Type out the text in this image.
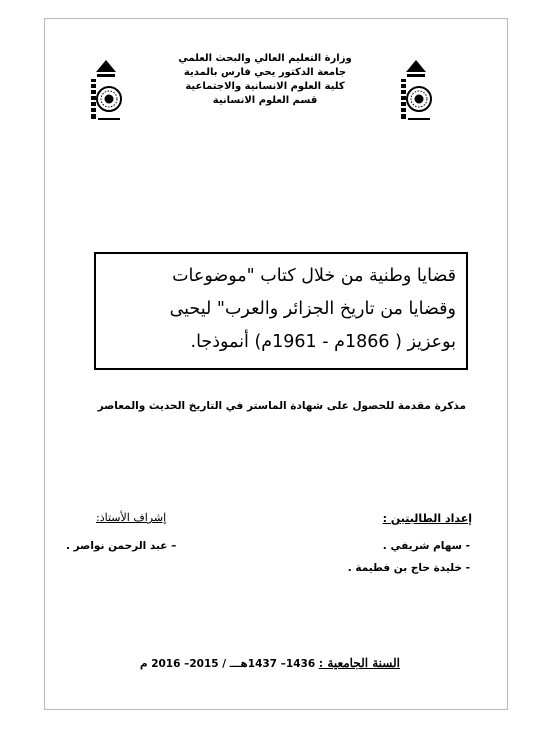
وزارة التعليم العالي والبحث العلمي
جامعة الدكتور يحي فارس بالمدية
كلية العلوم الانسانية والاجتماعية
قسم العلوم الانسانية
قضايا وطنية من خلال كتاب "موضوعات
وقضايا من تاريخ الجزائر والعرب" ليحيى
بوعزيز ( 1866م - 1961م) أنموذجا.
مذكرة مقدمة للحصول على شهادة الماستر في التاريخ الحديث والمعاصر
إعداد الطالبتين :
- سهام شريفي .
- خليدة حاج بن فطيمة .
إشراف الأستاذ:
– عبد الرحمن نواصر .
السنة الجامعية : 1436– 1437هـــ / 2015– 2016 م
